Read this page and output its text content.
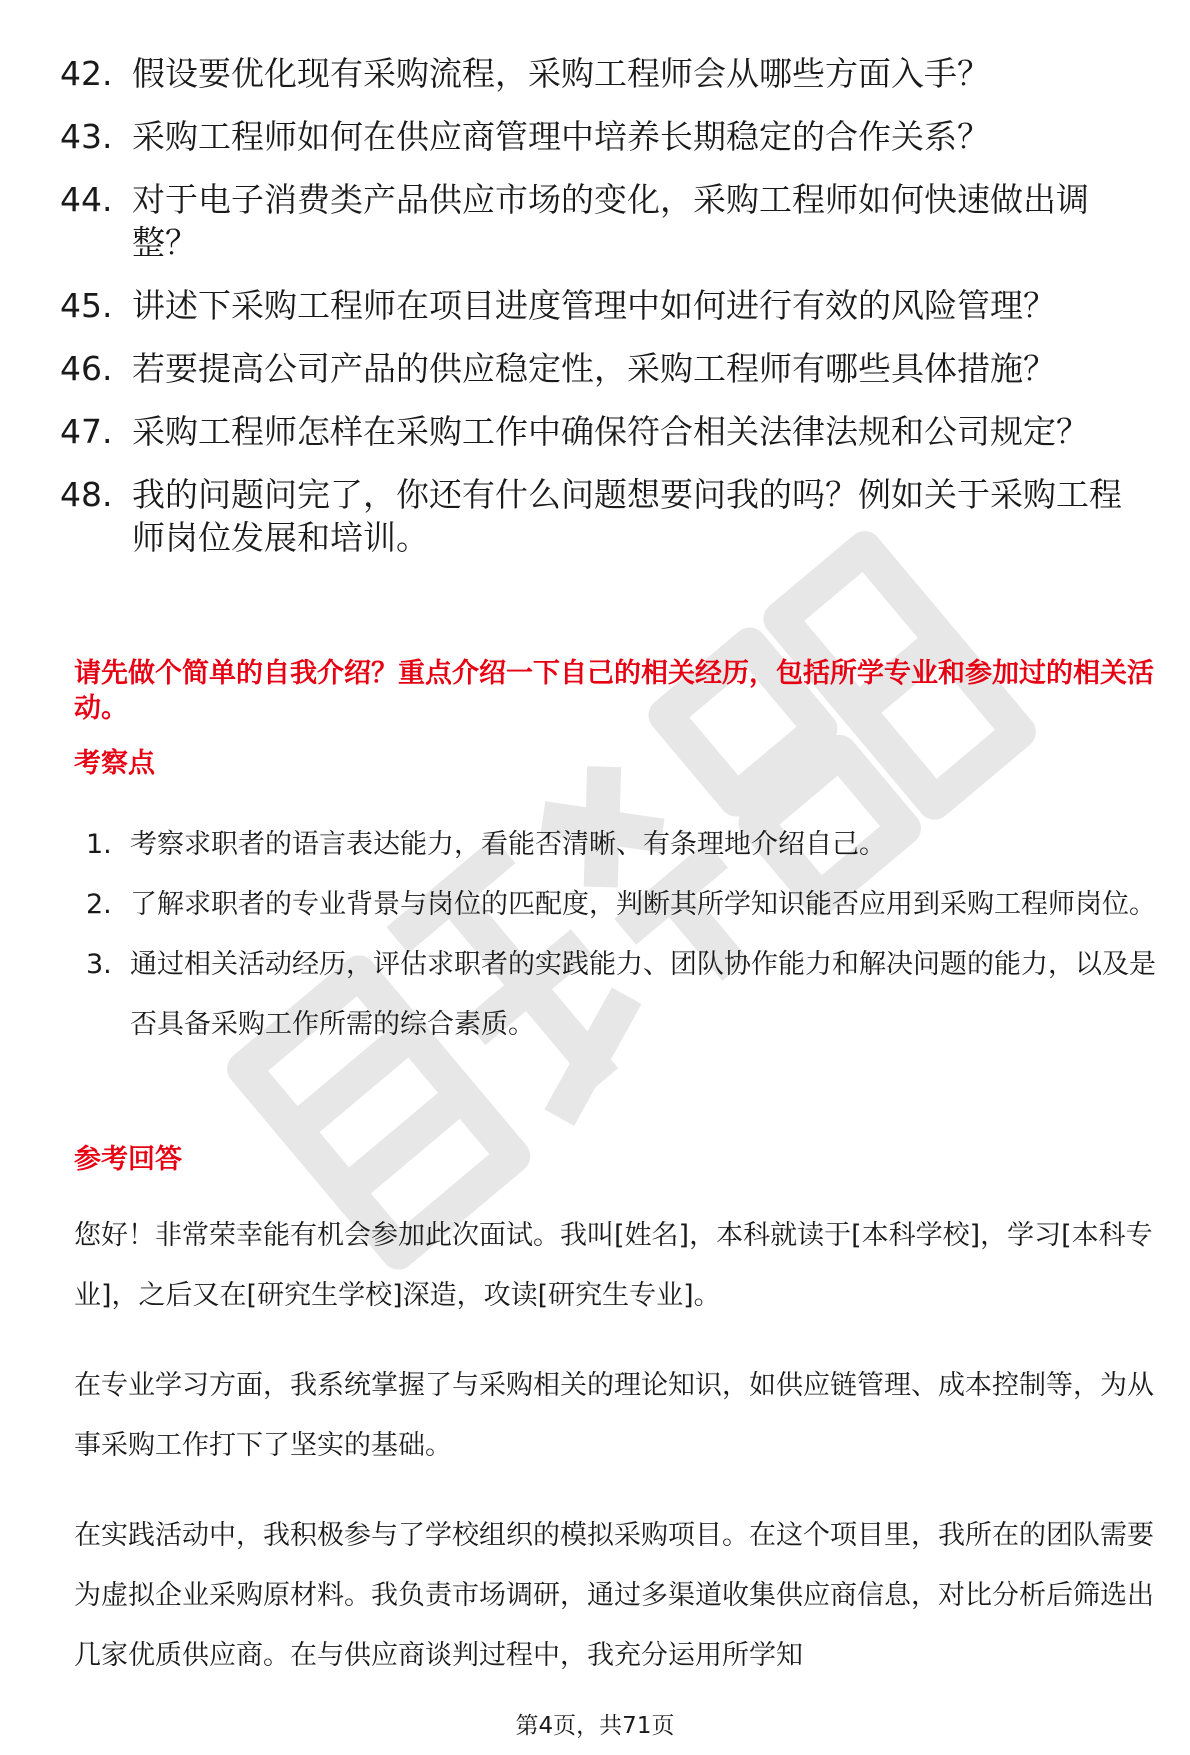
42. 假设要优化现有采购流程，采购工程师会从哪些方面入手？
43. 采购工程师如何在供应商管理中培养长期稳定的合作关系？
44. 对于电子消费类产品供应市场的变化，采购工程师如何快速做出调整？
45. 讲述下采购工程师在项目进度管理中如何进行有效的风险管理？
46. 若要提高公司产品的供应稳定性，采购工程师有哪些具体措施？
47. 采购工程师怎样在采购工作中确保符合相关法律法规和公司规定？
48. 我的问题问完了，你还有什么问题想要问我的吗？例如关于采购工程师岗位发展和培训。
请先做个简单的自我介绍？重点介绍一下自己的相关经历，包括所学专业和参加过的相关活动。
考察点
1. 考察求职者的语言表达能力，看能否清晰、有条理地介绍自己。
2. 了解求职者的专业背景与岗位的匹配度，判断其所学知识能否应用到采购工程师岗位。
3. 通过相关活动经历，评估求职者的实践能力、团队协作能力和解决问题的能力，以及是否具备采购工作所需的综合素质。
参考回答

您好！非常荣幸能有机会参加此次面试。我叫[姓名]，本科就读于[本科学校]，学习[本科专业]，之后又在[研究生学校]深造，攻读[研究生专业]。

在专业学习方面，我系统掌握了与采购相关的理论知识，如供应链管理、成本控制等，为从事采购工作打下了坚实的基础。

在实践活动中，我积极参与了学校组织的模拟采购项目。在这个项目里，我所在的团队需要为虚拟企业采购原材料。我负责市场调研，通过多渠道收集供应商信息，对比分析后筛选出几家优质供应商。在与供应商谈判过程中，我充分运用所学知

第4页，共71页
